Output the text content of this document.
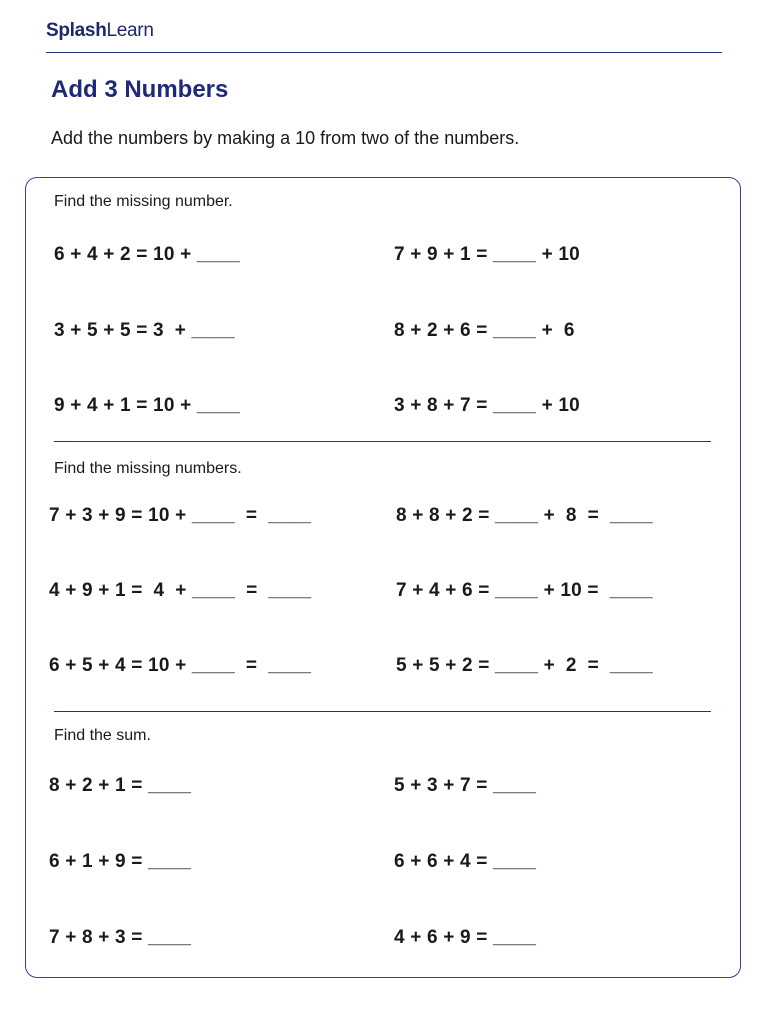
SplashLearn
Add 3 Numbers

Add the numbers by making a 10 from two of the numbers.

Find the missing number.
6 + 4 + 2 = 10 + ____	7 + 9 + 1 = ____ + 10
3 + 5 + 5 = 3  + ____	8 + 2 + 6 = ____ +  6
9 + 4 + 1 = 10 + ____	3 + 8 + 7 = ____ + 10
Find the missing numbers.
7 + 3 + 9 = 10 + ____  =  ____	8 + 8 + 2 = ____ +  8  =  ____
4 + 9 + 1 =  4  + ____  =  ____	7 + 4 + 6 = ____ + 10 =  ____
6 + 5 + 4 = 10 + ____  =  ____	5 + 5 + 2 = ____ +  2  =  ____
Find the sum.
8 + 2 + 1 = ____	5 + 3 + 7 = ____
6 + 1 + 9 = ____	6 + 6 + 4 = ____
7 + 8 + 3 = ____	4 + 6 + 9 = ____
